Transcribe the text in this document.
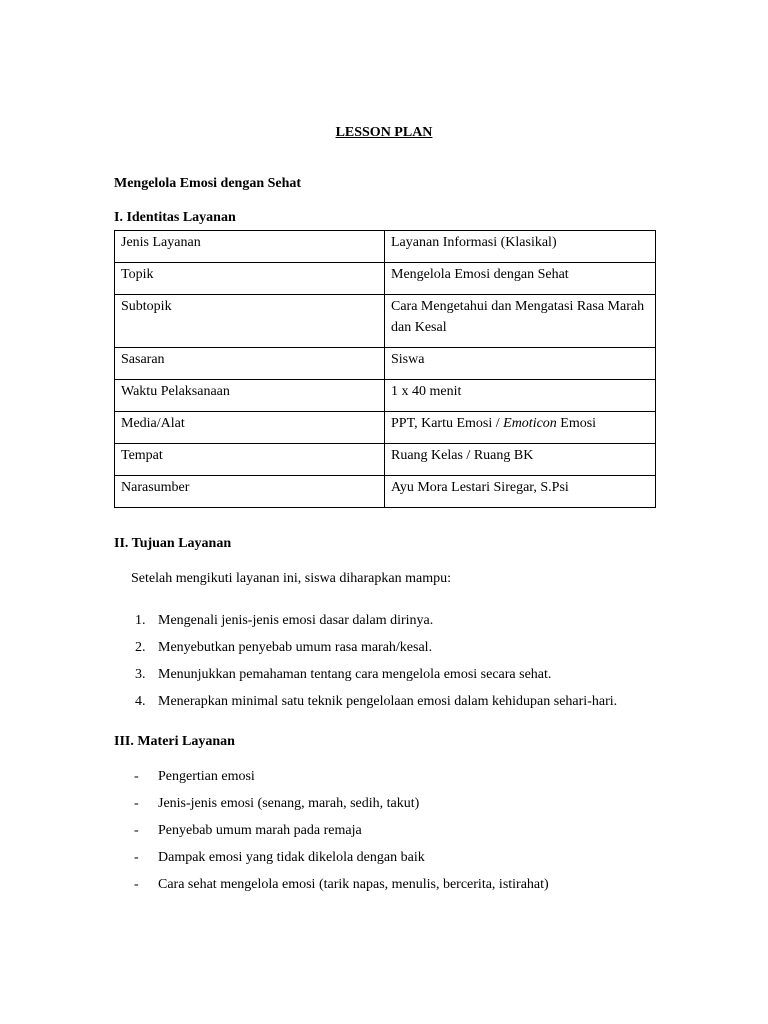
LESSON PLAN
Mengelola Emosi dengan Sehat
I. Identitas Layanan
Jenis Layanan	Layanan Informasi (Klasikal)
Topik	Mengelola Emosi dengan Sehat
Subtopik	Cara Mengetahui dan Mengatasi Rasa Marah dan Kesal
Sasaran	Siswa
Waktu Pelaksanaan	1 x 40 menit
Media/Alat	PPT, Kartu Emosi / Emoticon Emosi
Tempat	Ruang Kelas / Ruang BK
Narasumber	Ayu Mora Lestari Siregar, S.Psi
II. Tujuan Layanan
Setelah mengikuti layanan ini, siswa diharapkan mampu:
1. Mengenali jenis-jenis emosi dasar dalam dirinya.
2. Menyebutkan penyebab umum rasa marah/kesal.
3. Menunjukkan pemahaman tentang cara mengelola emosi secara sehat.
4. Menerapkan minimal satu teknik pengelolaan emosi dalam kehidupan sehari-hari.
III. Materi Layanan
- Pengertian emosi
- Jenis-jenis emosi (senang, marah, sedih, takut)
- Penyebab umum marah pada remaja
- Dampak emosi yang tidak dikelola dengan baik
- Cara sehat mengelola emosi (tarik napas, menulis, bercerita, istirahat)
